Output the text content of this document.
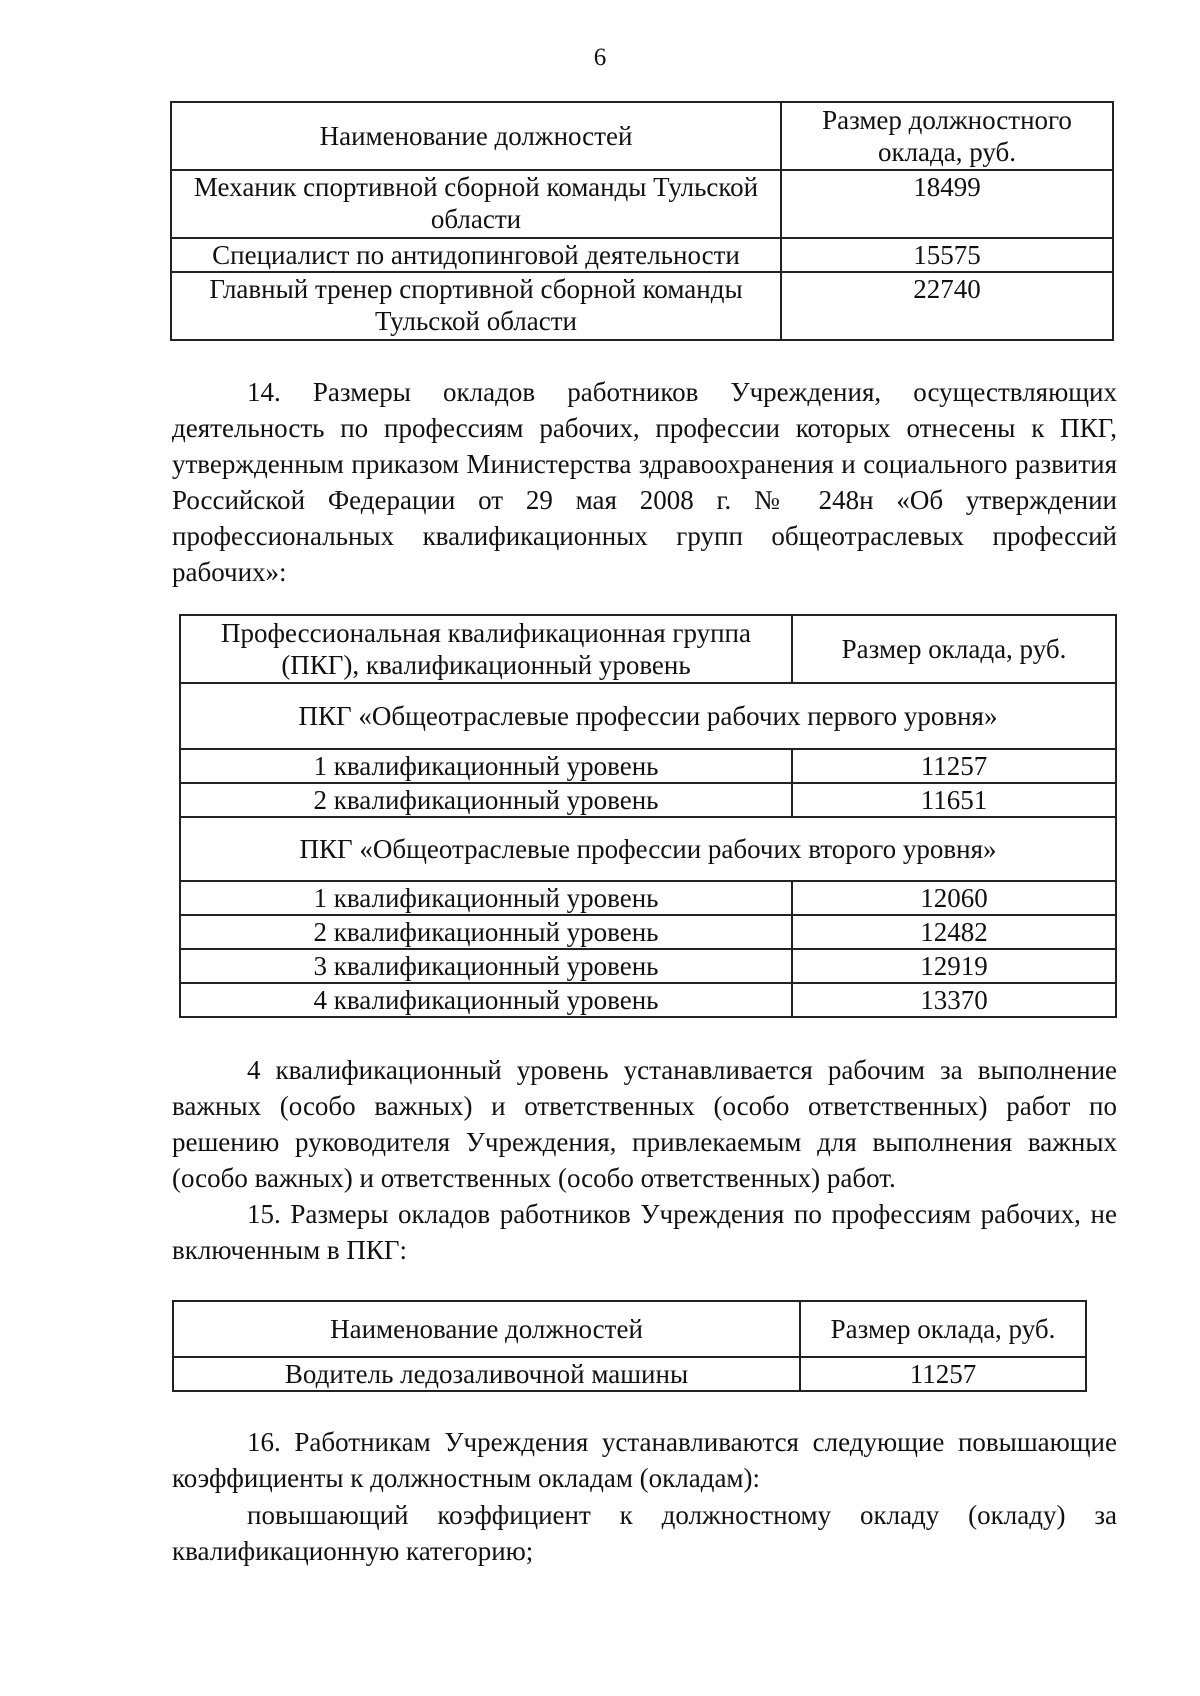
6
Наименование должностей	Размер должностного оклада, руб.
Механик спортивной сборной команды Тульской области	18499
Специалист по антидопинговой деятельности	15575
Главный тренер спортивной сборной команды Тульской области	22740

14. Размеры окладов работников Учреждения, осуществляющих деятельность по профессиям рабочих, профессии которых отнесены к ПКГ, утвержденным приказом Министерства здравоохранения и социального развития Российской Федерации от 29 мая 2008 г. № 248н «Об утверждении профессиональных квалификационных групп общеотраслевых профессий рабочих»:

Профессиональная квалификационная группа (ПКГ), квалификационный уровень	Размер оклада, руб.
ПКГ «Общеотраслевые профессии рабочих первого уровня»	
1 квалификационный уровень	11257
2 квалификационный уровень	11651
ПКГ «Общеотраслевые профессии рабочих второго уровня»	
1 квалификационный уровень	12060
2 квалификационный уровень	12482
3 квалификационный уровень	12919
4 квалификационный уровень	13370

4 квалификационный уровень устанавливается рабочим за выполнение важных (особо важных) и ответственных (особо ответственных) работ по решению руководителя Учреждения, привлекаемым для выполнения важных (особо важных) и ответственных (особо ответственных) работ.

15. Размеры окладов работников Учреждения по профессиям рабочих, не включенным в ПКГ:

Наименование должностей	Размер оклада, руб.
Водитель ледозаливочной машины	11257

16. Работникам Учреждения устанавливаются следующие повышающие коэффициенты к должностным окладам (окладам):

повышающий коэффициент к должностному окладу (окладу) за квалификационную категорию;
